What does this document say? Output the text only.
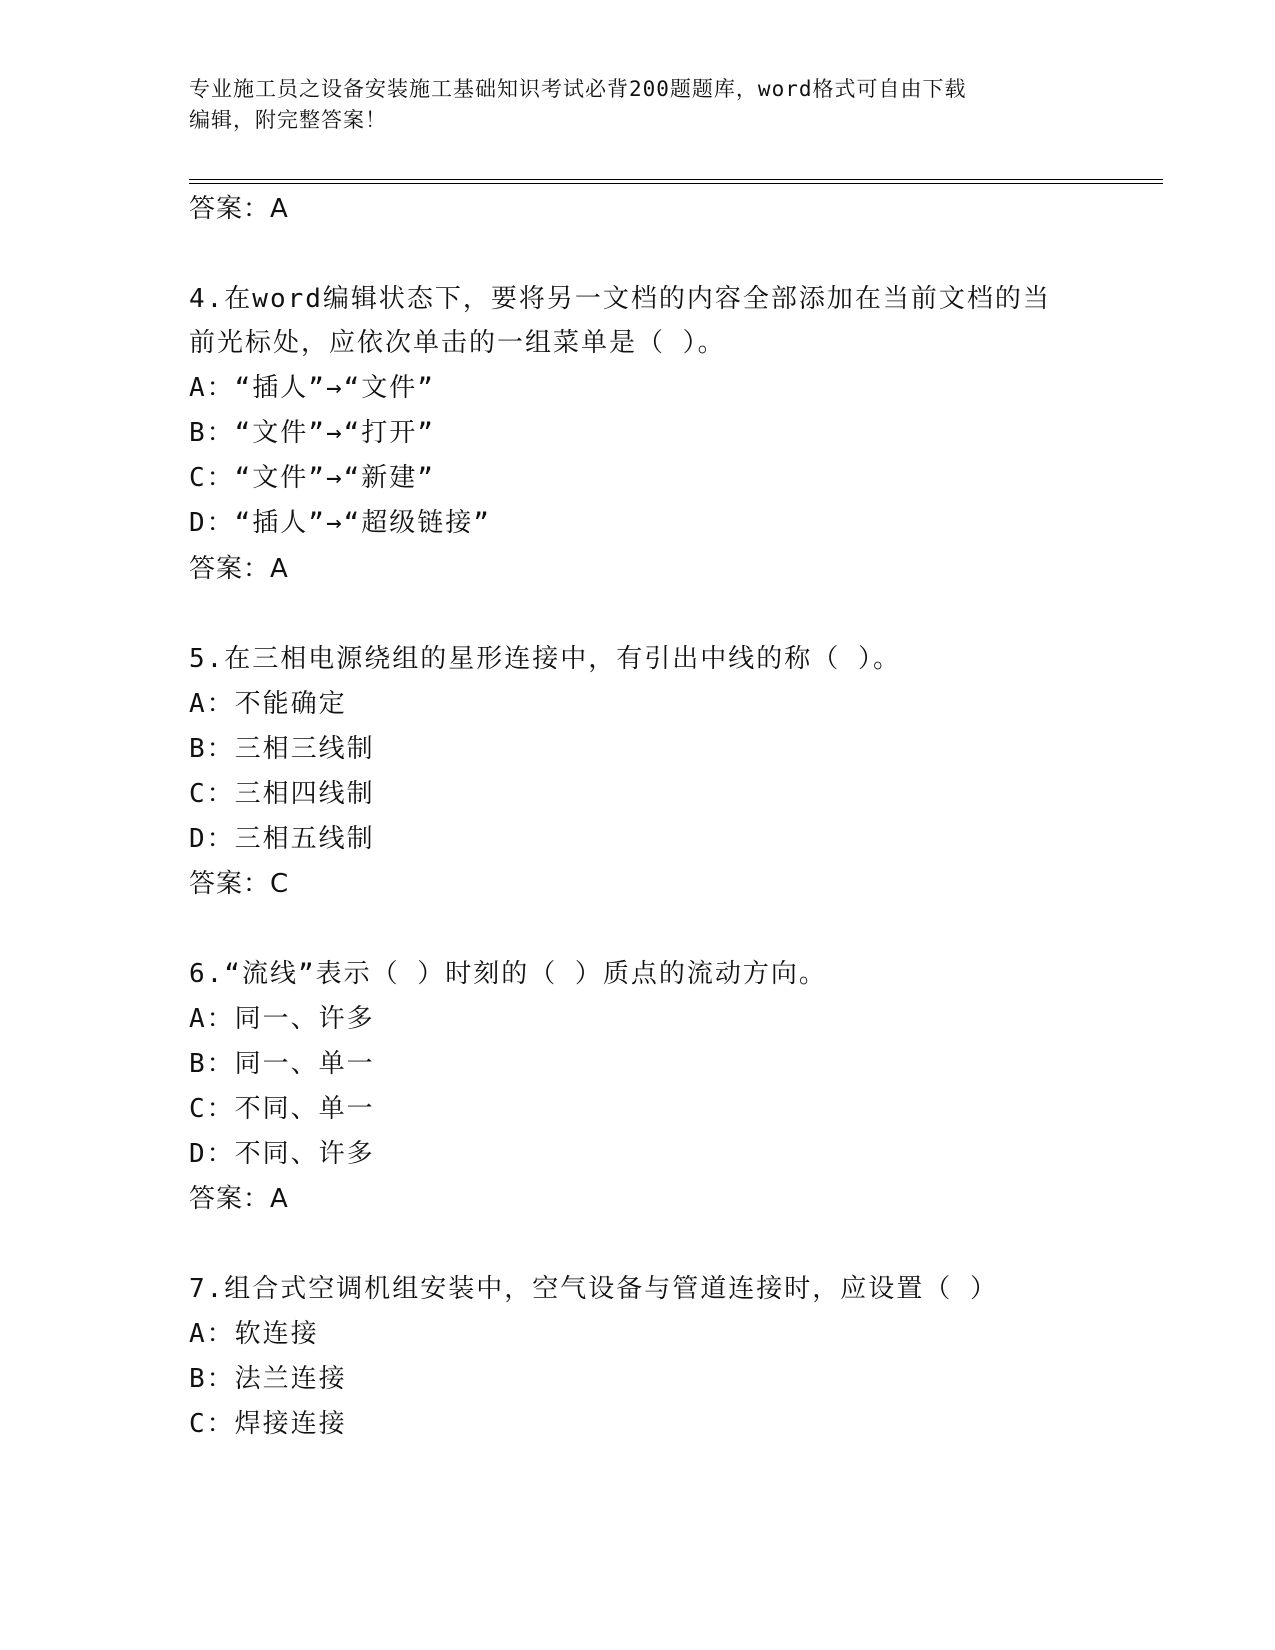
专业施工员之设备安装施工基础知识考试必背200题题库，word格式可自由下载
编辑，附完整答案！
答案：A
4.在word编辑状态下，要将另一文档的内容全部添加在当前文档的当
前光标处，应依次单击的一组菜单是（ ）。
A：“插人”→“文件”
B：“文件”→“打开”
C：“文件”→“新建”
D：“插人”→“超级链接”
答案：A
5.在三相电源绕组的星形连接中，有引出中线的称（ ）。
A：不能确定
B：三相三线制
C：三相四线制
D：三相五线制
答案：C
6.“流线”表示（ ）时刻的（ ）质点的流动方向。
A：同一、许多
B：同一、单一
C：不同、单一
D：不同、许多
答案：A
7.组合式空调机组安装中，空气设备与管道连接时，应设置（ ）
A：软连接
B：法兰连接
C：焊接连接
